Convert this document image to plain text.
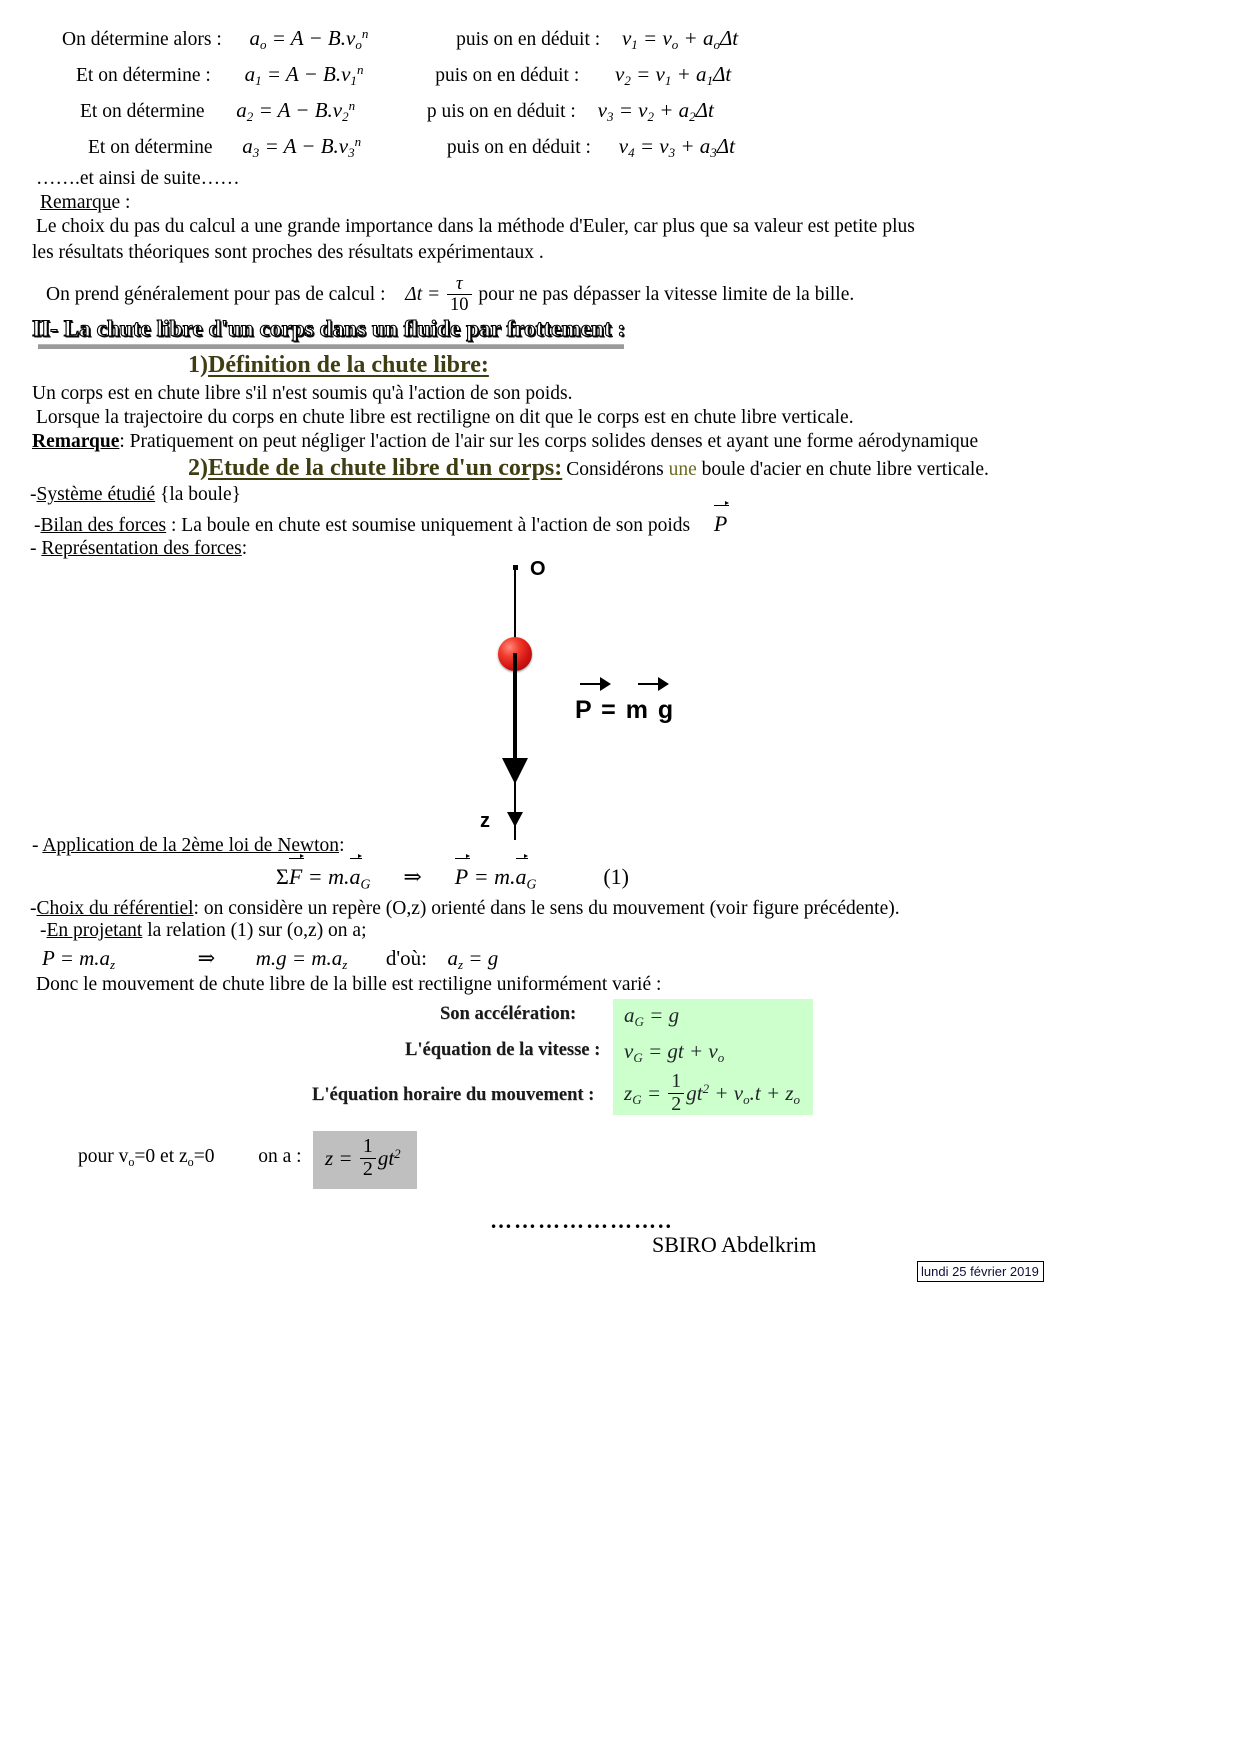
On détermine alors : $a_o = A - B.v_o^n$	puis on en déduit : $v_1 = v_o + a_o\Delta t$
Et on détermine : $a_1 = A - B.v_1^n$	puis on en déduit : $v_2 = v_1 + a_1\Delta t$
Et on détermine $a_2 = A - B.v_2^n$	p uis on en déduit : $v_3 = v_2 + a_2\Delta t$
Et on détermine $a_3 = A - B.v_3^n$	puis on en déduit : $v_4 = v_3 + a_3\Delta t$
…….et ainsi de suite……
Remarque :
Le choix du pas du calcul a une grande importance dans la méthode d'Euler, car plus que sa valeur est petite plus
les résultats théoriques sont proches des résultats expérimentaux .
On prend généralement pour pas de calcul : $\Delta t = \frac{\tau}{10}$ pour ne pas dépasser la vitesse limite de la bille.
II- La chute libre d'un corps dans un fluide par frottement :
1)Définition de la chute libre:
Un corps est en chute libre s'il n'est soumis qu'à l'action de son poids.
Lorsque la trajectoire du corps en chute libre est rectiligne on dit que le corps est en chute libre verticale.
Remarque: Pratiquement on peut négliger l'action de l'air sur les corps solides denses et ayant une forme aérodynamique
2)Etude de la chute libre d'un corps: Considérons une boule d'acier en chute libre verticale.
-Système étudié {la boule}
-Bilan des forces : La boule en chute est soumise uniquement à l'action de son poids P
- Représentation des forces:
O
P = m g
z
- Application de la 2ème loi de Newton:
$\Sigma F = m.a_G$ ⇒ $P = m.a_G$	(1)
-Choix du référentiel: on considère un repère (O,z) orienté dans le sens du mouvement (voir figure précédente).
-En projetant la relation (1) sur (o,z) on a;
$P = m.a_z$	⇒ $m.g = m.a_z$ d'où: $a_z = g$
Donc le mouvement de chute libre de la bille est rectiligne uniformément varié :
Son accélération: $a_G = g$
L'équation de la vitesse : $v_G$ = gt + $v_o$
L'équation horaire du mouvement : $z_G = \frac{1}{2} gt^2 + v_o.t + z_o$
pour $v_o=0$ et $z_o=0$ on a : $z = \frac{1}{2} gt^2$
…………………..
SBIRO Abdelkrim
lundi 25 février 2019
